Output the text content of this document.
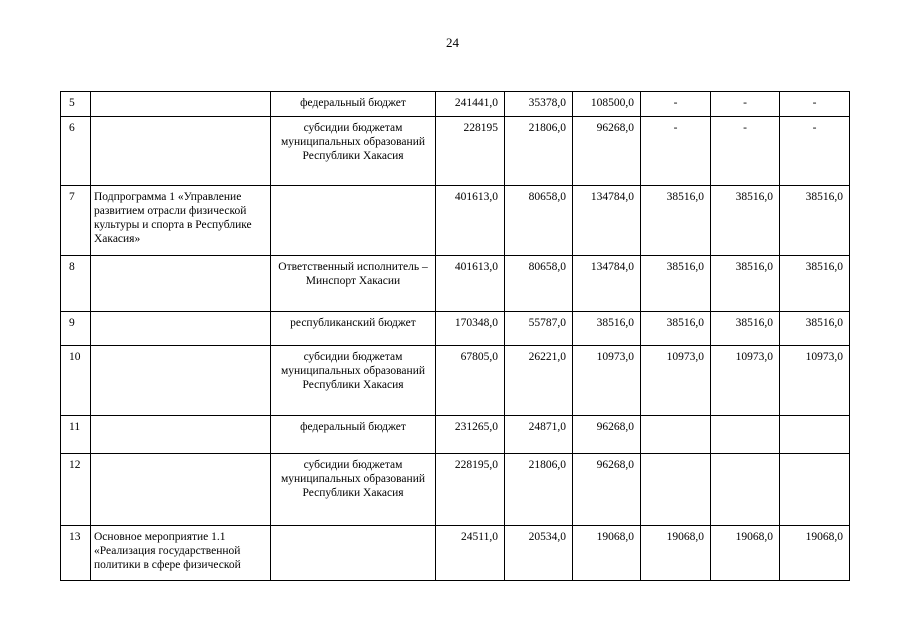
24
5		федеральный бюджет	241441,0	35378,0	108500,0	-	-	-
6		субсидии бюджетам муниципальных образований Республики Хакасия	228195	21806,0	96268,0	-	-	-
7	Подпрограмма 1 «Управление развитием отрасли физической культуры и спорта в Республике Хакасия»		401613,0	80658,0	134784,0	38516,0	38516,0	38516,0
8		Ответственный исполнитель – Минспорт Хакасии	401613,0	80658,0	134784,0	38516,0	38516,0	38516,0
9		республиканский бюджет	170348,0	55787,0	38516,0	38516,0	38516,0	38516,0
10		субсидии бюджетам муниципальных образований Республики Хакасия	67805,0	26221,0	10973,0	10973,0	10973,0	10973,0
11		федеральный бюджет	231265,0	24871,0	96268,0			
12		субсидии бюджетам муниципальных образований Республики Хакасия	228195,0	21806,0	96268,0			
13	Основное мероприятие 1.1 «Реализация государственной политики в сфере физической		24511,0	20534,0	19068,0	19068,0	19068,0	19068,0
